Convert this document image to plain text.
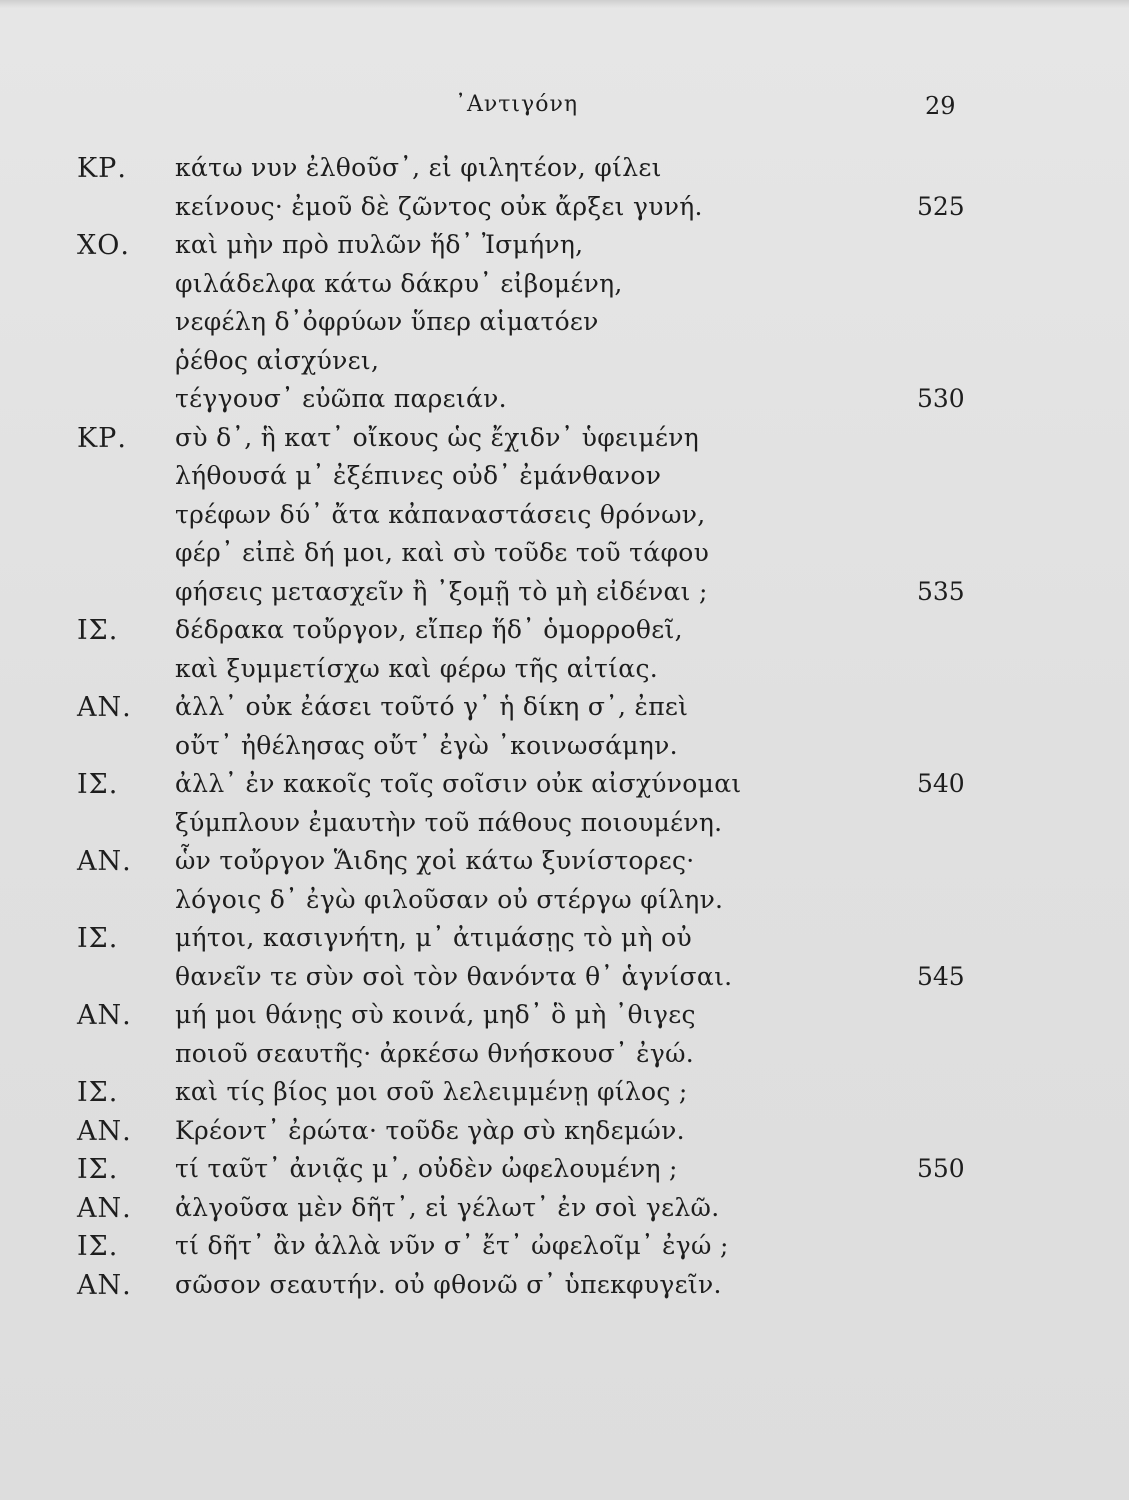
᾿Αντιγόνη	29
ΚΡ. κάτω νυν ἐλθοῦσ᾿, εἰ φιλητέον, φίλει
κείνους· ἐμοῦ δὲ ζῶντος οὐκ ἄρξει γυνή.	525
ΧΟ. καὶ μὴν πρὸ πυλῶν ἥδ᾿ Ἰσμήνη,
φιλάδελφα κάτω δάκρυ᾿ εἰβομένη,
νεφέλη δ᾿ὀφρύων ὕπερ αἱματόεν
ῥέθος αἰσχύνει,
τέγγουσ᾿ εὐῶπα παρειάν.	530
ΚΡ. σὺ δ᾿, ἣ κατ᾿ οἴκους ὡς ἔχιδν᾿ ὑφειμένη
λήθουσά μ᾿ ἐξέπινες οὐδ᾿ ἐμάνθανον
τρέφων δύ᾿ ἄτα κἀπαναστάσεις θρόνων,
φέρ᾿ εἰπὲ δή μοι, καὶ σὺ τοῦδε τοῦ τάφου
φήσεις μετασχεῖν ἢ ᾿ξομῇ τὸ μὴ εἰδέναι ;	535
ΙΣ. δέδρακα τοὔργον, εἴπερ ἥδ᾿ ὁμορροθεῖ,
καὶ ξυμμετίσχω καὶ φέρω τῆς αἰτίας.
ΑΝ. ἀλλ᾿ οὐκ ἐάσει τοῦτό γ᾿ ἡ δίκη σ᾿, ἐπεὶ
οὔτ᾿ ἠθέλησας οὔτ᾿ ἐγὼ ᾿κοινωσάμην.
ΙΣ. ἀλλ᾿ ἐν κακοῖς τοῖς σοῖσιν οὐκ αἰσχύνομαι	540
ξύμπλουν ἐμαυτὴν τοῦ πάθους ποιουμένη.
ΑΝ. ὧν τοὔργον Ἅιδης χοἰ κάτω ξυνίστορες·
λόγοις δ᾿ ἐγὼ φιλοῦσαν οὐ στέργω φίλην.
ΙΣ. μήτοι, κασιγνήτη, μ᾿ ἀτιμάσῃς τὸ μὴ οὐ
θανεῖν τε σὺν σοὶ τὸν θανόντα θ᾿ ἁγνίσαι.	545
ΑΝ. μή μοι θάνῃς σὺ κοινά, μηδ᾿ ὃ μὴ ᾿θιγες
ποιοῦ σεαυτῆς· ἀρκέσω θνήσκουσ᾿ ἐγώ.
ΙΣ. καὶ τίς βίος μοι σοῦ λελειμμένῃ φίλος ;
ΑΝ. Κρέοντ᾿ ἐρώτα· τοῦδε γὰρ σὺ κηδεμών.
ΙΣ. τί ταῦτ᾿ ἀνιᾷς μ᾿, οὐδὲν ὠφελουμένη ;	550
ΑΝ. ἀλγοῦσα μὲν δῆτ᾿, εἰ γέλωτ᾿ ἐν σοὶ γελῶ.
ΙΣ. τί δῆτ᾿ ἂν ἀλλὰ νῦν σ᾿ ἔτ᾿ ὠφελοῖμ᾿ ἐγώ ;
ΑΝ. σῶσον σεαυτήν. οὐ φθονῶ σ᾿ ὑπεκφυγεῖν.
